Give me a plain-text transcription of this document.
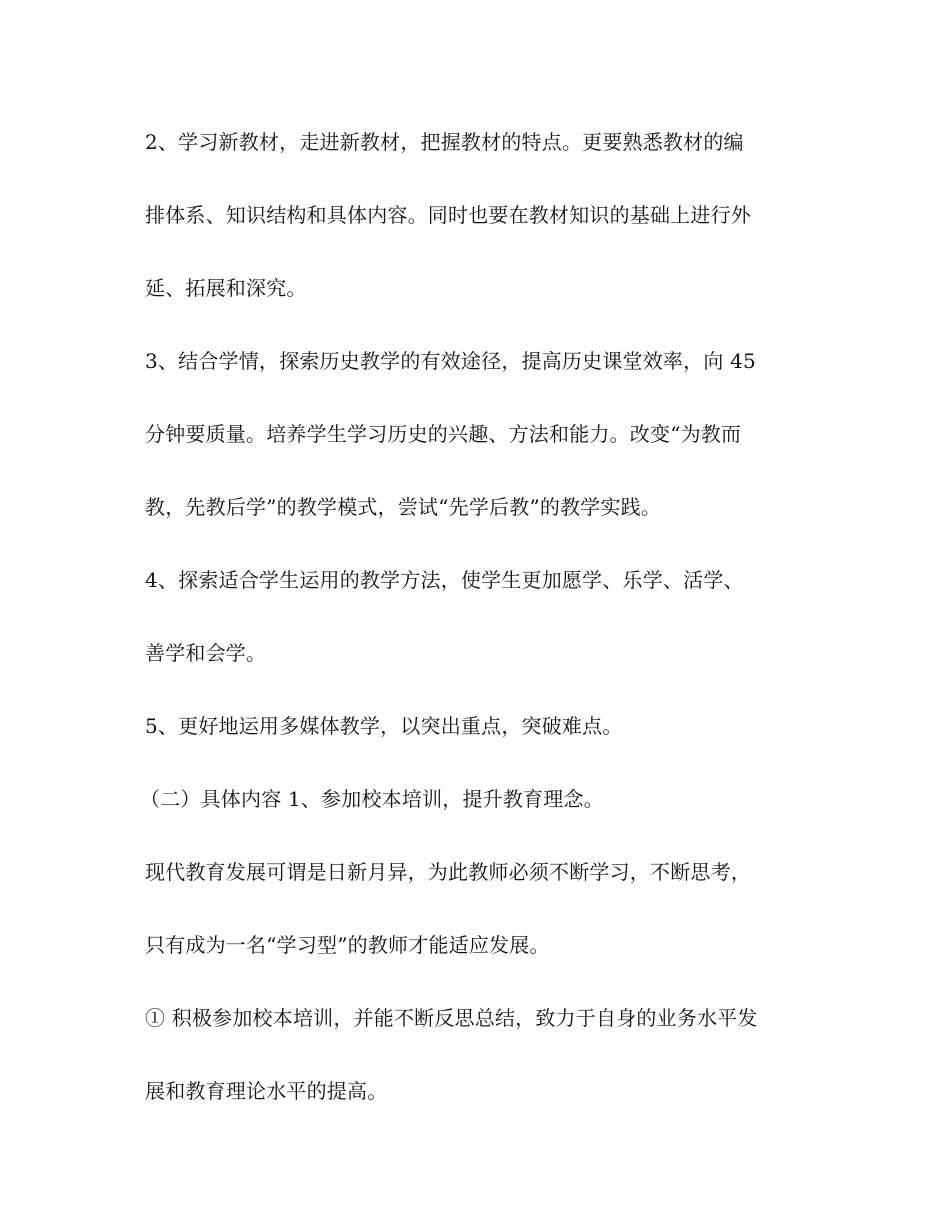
2、学习新教材，走进新教材，把握教材的特点。更要熟悉教材的编
排体系、知识结构和具体内容。同时也要在教材知识的基础上进行外
延、拓展和深究。
3、结合学情，探索历史教学的有效途径，提高历史课堂效率，向 45
分钟要质量。培养学生学习历史的兴趣、方法和能力。改变“为教而
教，先教后学”的教学模式，尝试“先学后教”的教学实践。
4、探索适合学生运用的教学方法，使学生更加愿学、乐学、活学、
善学和会学。
5、更好地运用多媒体教学，以突出重点，突破难点。
（二）具体内容 1、参加校本培训，提升教育理念。
现代教育发展可谓是日新月异，为此教师必须不断学习，不断思考，
只有成为一名“学习型”的教师才能适应发展。
① 积极参加校本培训，并能不断反思总结，致力于自身的业务水平发
展和教育理论水平的提高。
